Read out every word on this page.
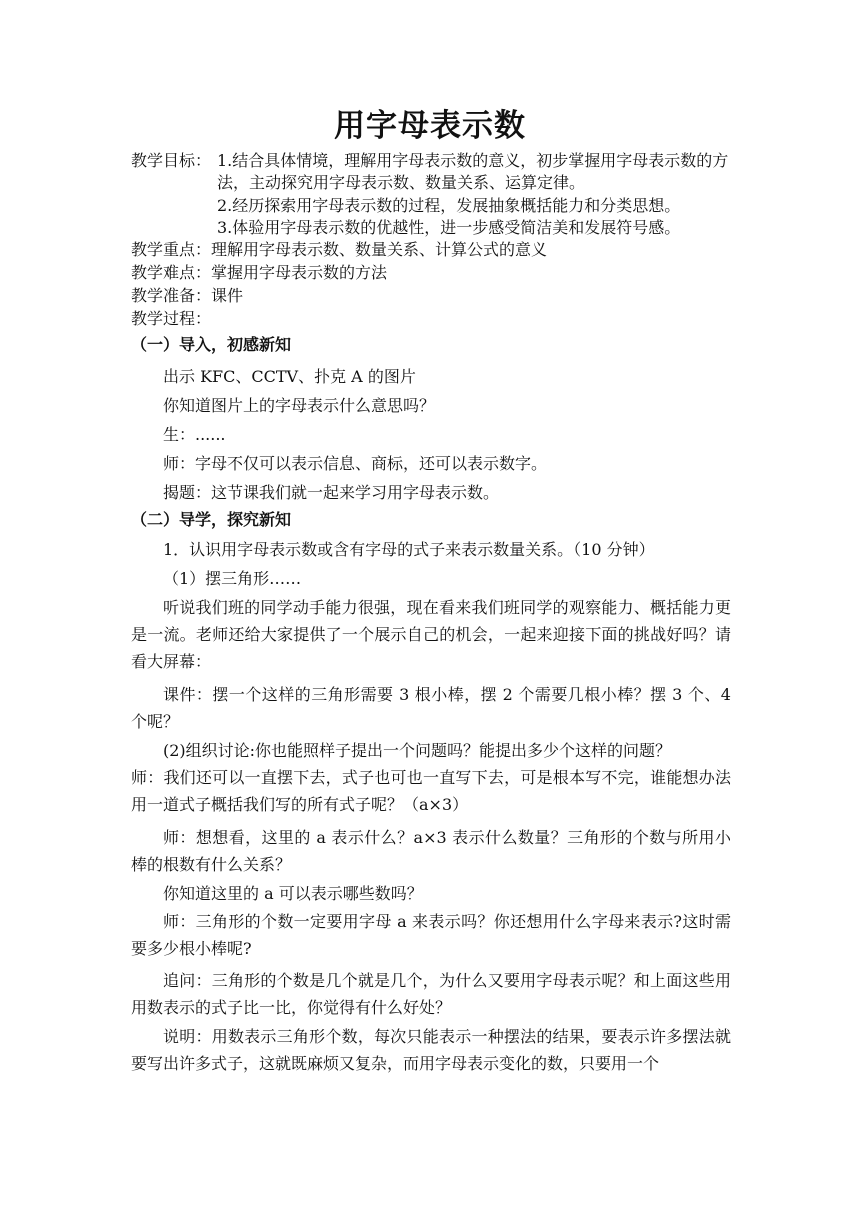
用字母表示数
教学目标： 1.结合具体情境，理解用字母表示数的意义，初步掌握用字母表示数的方法，主动探究用字母表示数、数量关系、运算定律。

2.经历探索用字母表示数的过程，发展抽象概括能力和分类思想。

3.体验用字母表示数的优越性，进一步感受简洁美和发展符号感。

教学重点：理解用字母表示数、数量关系、计算公式的意义
教学难点：掌握用字母表示数的方法
教学准备：课件
教学过程：
（一）导入，初感新知
出示 KFC、CCTV、扑克 A 的图片
你知道图片上的字母表示什么意思吗？
生：......
师：字母不仅可以表示信息、商标，还可以表示数字。
揭题：这节课我们就一起来学习用字母表示数。
（二）导学，探究新知
1．认识用字母表示数或含有字母的式子来表示数量关系。（10 分钟）
（1）摆三角形……

听说我们班的同学动手能力很强，现在看来我们班同学的观察能力、概括能力更是一流。老师还给大家提供了一个展示自己的机会，一起来迎接下面的挑战好吗？请看大屏幕：

课件：摆一个这样的三角形需要 3 根小棒，摆 2 个需要几根小棒？摆 3 个、4 个呢？

(2)组织讨论:你也能照样子提出一个问题吗？能提出多少个这样的问题？

师：我们还可以一直摆下去，式子也可也一直写下去，可是根本写不完，谁能想办法用一道式子概括我们写的所有式子呢？（a×3）

师：想想看，这里的 a 表示什么？a×3 表示什么数量？三角形的个数与所用小棒的根数有什么关系？

你知道这里的 a 可以表示哪些数吗？

师：三角形的个数一定要用字母 a 来表示吗？你还想用什么字母来表示?这时需要多少根小棒呢?

追问：三角形的个数是几个就是几个，为什么又要用字母表示呢？和上面这些用用数表示的式子比一比，你觉得有什么好处？

说明：用数表示三角形个数，每次只能表示一种摆法的结果，要表示许多摆法就要写出许多式子，这就既麻烦又复杂，而用字母表示变化的数，只要用一个
